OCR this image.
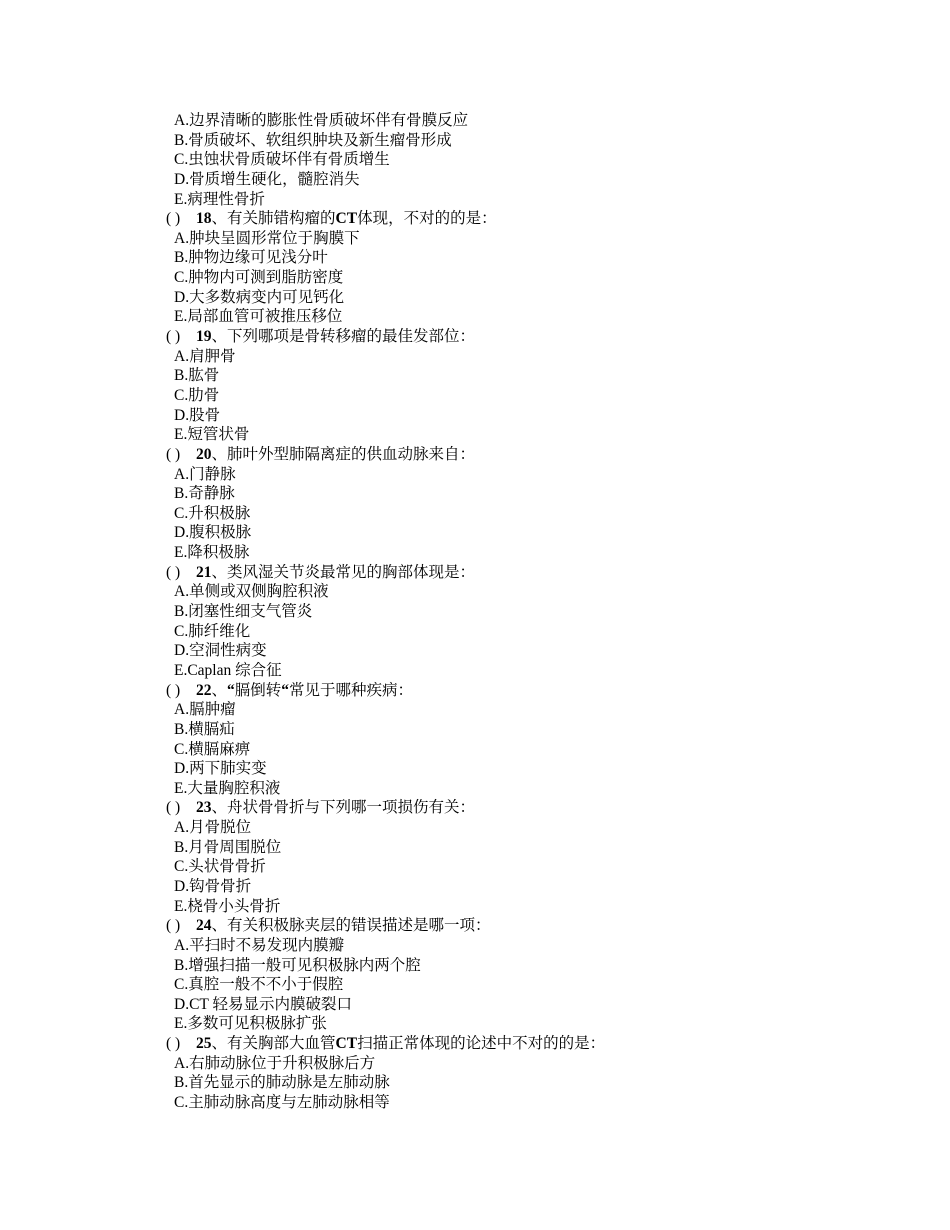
A.边界清晰的膨胀性骨质破坏伴有骨膜反应
B.骨质破坏、软组织肿块及新生瘤骨形成
C.虫蚀状骨质破坏伴有骨质增生
D.骨质增生硬化，髓腔消失
E.病理性骨折
( ) 18、有关肺错构瘤的CT体现，不对的的是：
A.肿块呈圆形常位于胸膜下
B.肿物边缘可见浅分叶
C.肿物内可测到脂肪密度
D.大多数病变内可见钙化
E.局部血管可被推压移位
( ) 19、下列哪项是骨转移瘤的最佳发部位：
A.肩胛骨
B.肱骨
C.肋骨
D.股骨
E.短管状骨
( ) 20、肺叶外型肺隔离症的供血动脉来自：
A.门静脉
B.奇静脉
C.升积极脉
D.腹积极脉
E.降积极脉
( ) 21、类风湿关节炎最常见的胸部体现是：
A.单侧或双侧胸腔积液
B.闭塞性细支气管炎
C.肺纤维化
D.空洞性病变
E.Caplan 综合征
( ) 22、“膈倒转“常见于哪种疾病：
A.膈肿瘤
B.横膈疝
C.横膈麻痹
D.两下肺实变
E.大量胸腔积液
( ) 23、舟状骨骨折与下列哪一项损伤有关：
A.月骨脱位
B.月骨周围脱位
C.头状骨骨折
D.钩骨骨折
E.桡骨小头骨折
( ) 24、有关积极脉夹层的错误描述是哪一项：
A.平扫时不易发现内膜瓣
B.增强扫描一般可见积极脉内两个腔
C.真腔一般不不小于假腔
D.CT 轻易显示内膜破裂口
E.多数可见积极脉扩张
( ) 25、有关胸部大血管CT扫描正常体现的论述中不对的的是：
A.右肺动脉位于升积极脉后方
B.首先显示的肺动脉是左肺动脉
C.主肺动脉高度与左肺动脉相等
